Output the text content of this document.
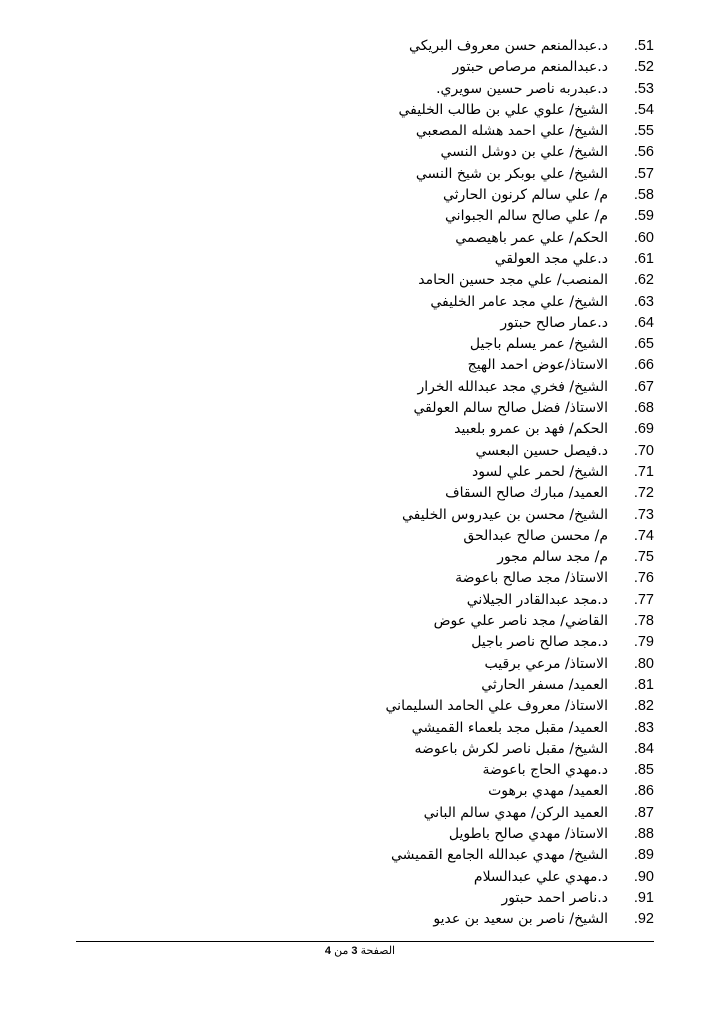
د.عبدالمنعم حسن معروف البريكي	51.
د.عبدالمنعم مرصاص حبتور	52.
د.عبدربه ناصر حسين سويري.	53.
الشيخ/ علوي علي بن طالب الخليفي	54.
الشيخ/ علي احمد هشله المصعبي	55.
الشيخ/ علي بن دوشل النسي	56.
الشيخ/ علي بوبكر بن شيخ النسي	57.
م/ علي سالم كرنون الحارثي	58.
م/ علي صالح سالم الجبواني	59.
الحكم/ علي عمر باهيصمي	60.
د.علي مجد العولقي	61.
المنصب/ علي مجد حسين الحامد	62.
الشيخ/ علي مجد عامر الخليفي	63.
د.عمار صالح حبتور	64.
الشيخ/ عمر يسلم باجيل	65.
الاستاذ/عوض احمد الهيج	66.
الشيخ/ فخري مجد عبدالله الخرار	67.
الاستاذ/ فضل صالح سالم العولقي	68.
الحكم/ فهد بن عمرو بلعبيد	69.
د.فيصل حسين البعسي	70.
الشيخ/ لحمر علي لسود	71.
العميد/ مبارك صالح السقاف	72.
الشيخ/ محسن بن عيدروس الخليفي	73.
م/ محسن صالح عبدالحق	74.
م/ مجد سالم مجور	75.
الاستاذ/ مجد صالح باعوضة	76.
د.مجد عبدالقادر الجيلاني	77.
القاضي/ مجد ناصر علي عوض	78.
د.مجد صالح ناصر باجيل	79.
الاستاذ/ مرعي برقيب	80.
العميد/ مسفر الحارثي	81.
الاستاذ/ معروف علي الحامد السليماني	82.
العميد/ مقبل مجد بلعماء القميشي	83.
الشيخ/ مقبل ناصر لكرش باعوضه	84.
د.مهدي الحاج باعوضة	85.
العميد/ مهدي برهوت	86.
العميد الركن/ مهدي سالم الباني	87.
الاستاذ/ مهدي صالح باطويل	88.
الشيخ/ مهدي عبدالله الجامع القميشي	89.
د.مهدي علي عبدالسلام	90.
د.ناصر احمد حبتور	91.
الشيخ/ ناصر بن سعيد بن عديو	92.
الصفحة 3 من 4
